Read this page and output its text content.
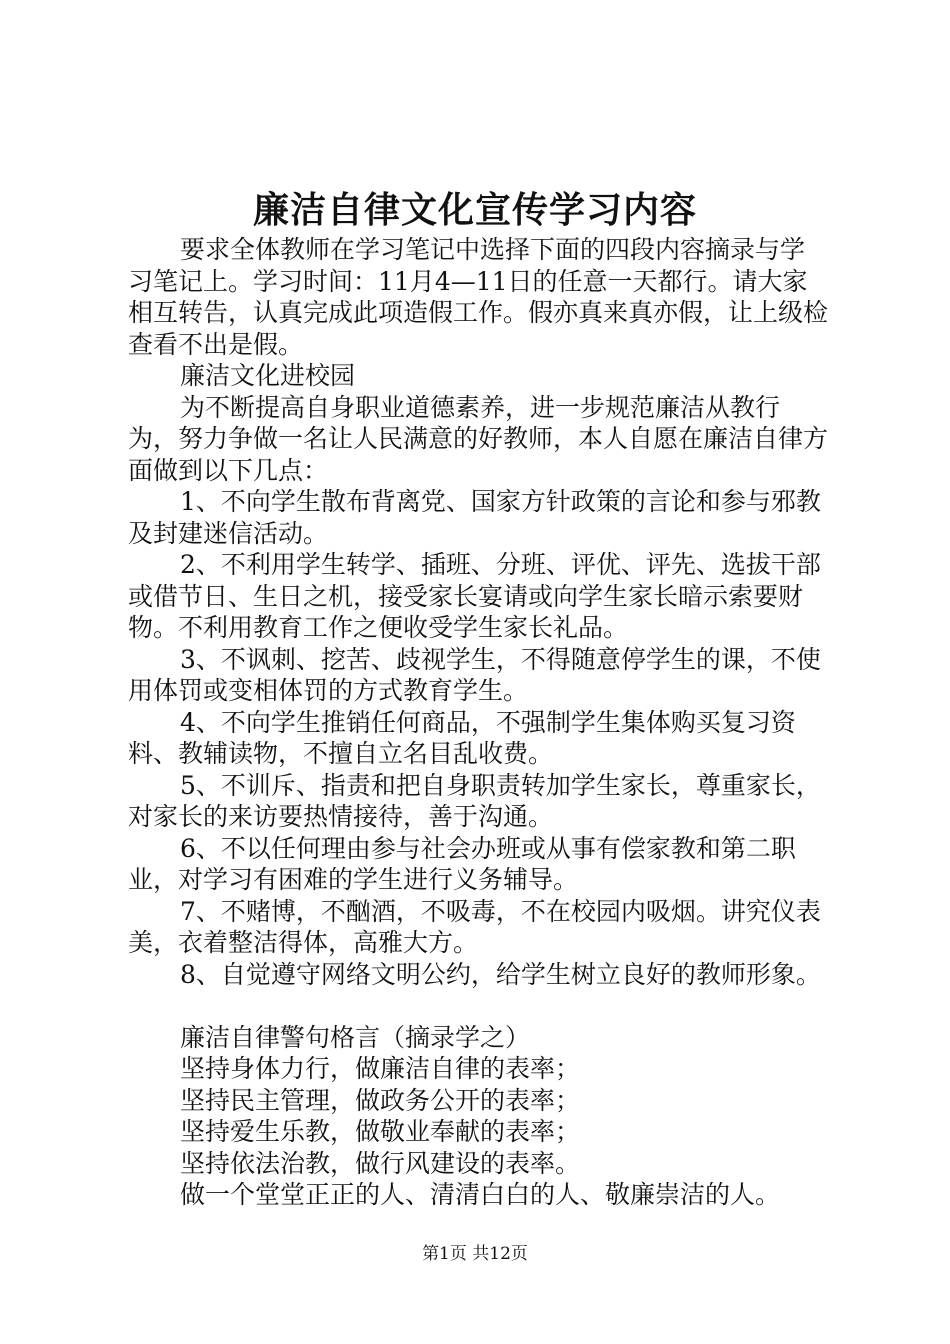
廉洁自律文化宣传学习内容

要求全体教师在学习笔记中选择下面的四段内容摘录与学习笔记上。学习时间：11月4—11日的任意一天都行。请大家相互转告，认真完成此项造假工作。假亦真来真亦假，让上级检查看不出是假。

廉洁文化进校园

为不断提高自身职业道德素养，进一步规范廉洁从教行为，努力争做一名让人民满意的好教师，本人自愿在廉洁自律方面做到以下几点：

1、不向学生散布背离党、国家方针政策的言论和参与邪教及封建迷信活动。

2、不利用学生转学、插班、分班、评优、评先、选拔干部或借节日、生日之机，接受家长宴请或向学生家长暗示索要财物。不利用教育工作之便收受学生家长礼品。

3、不讽刺、挖苦、歧视学生，不得随意停学生的课，不使用体罚或变相体罚的方式教育学生。

4、不向学生推销任何商品，不强制学生集体购买复习资料、教辅读物，不擅自立名目乱收费。

5、不训斥、指责和把自身职责转加学生家长，尊重家长，对家长的来访要热情接待，善于沟通。

6、不以任何理由参与社会办班或从事有偿家教和第二职业，对学习有困难的学生进行义务辅导。

7、不赌博，不酗酒，不吸毒，不在校园内吸烟。讲究仪表美，衣着整洁得体，高雅大方。

8、自觉遵守网络文明公约，给学生树立良好的教师形象。

廉洁自律警句格言（摘录学之）

坚持身体力行，做廉洁自律的表率；

坚持民主管理，做政务公开的表率；

坚持爱生乐教，做敬业奉献的表率；

坚持依法治教，做行风建设的表率。

做一个堂堂正正的人、清清白白的人、敬廉崇洁的人。

第1页 共12页
